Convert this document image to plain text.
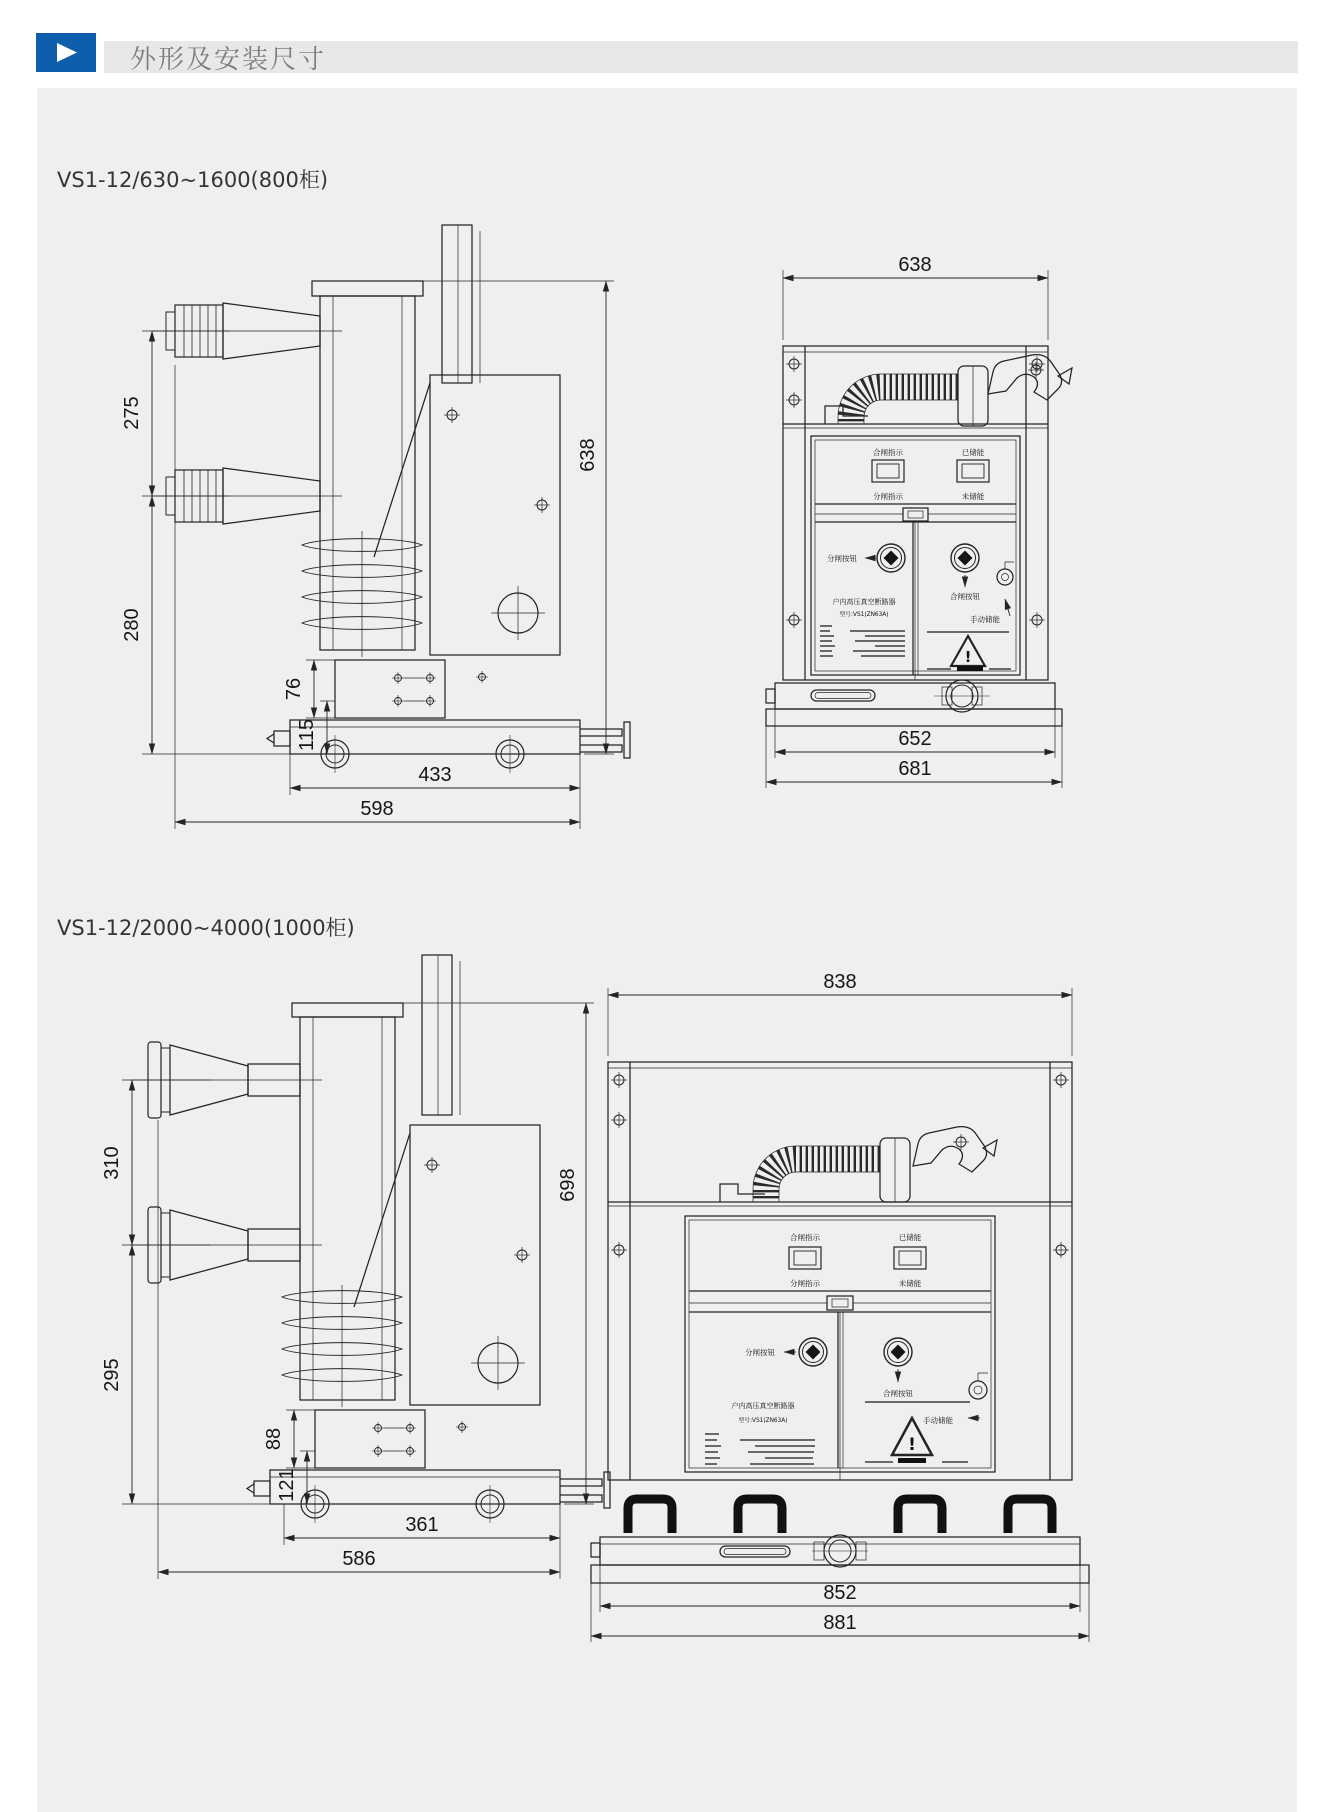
外形及安装尺寸
VS1-12/630~1600(800柜)
VS1-12/2000~4000(1000柜)
275
280
76
115
433
598
638
638
合闸指示	已储能
分闸指示	未储能
分闸按钮
合闸按钮
手动储能
户内高压真空断路器
型号:VS1(ZN63A)
!
652
681
310
295
88
121
361
586
698
838
合闸指示	已储能
分闸指示	未储能
分闸按钮
合闸按钮
手动储能
户内高压真空断路器
型号:VS1(ZN63A)
!
852
881
